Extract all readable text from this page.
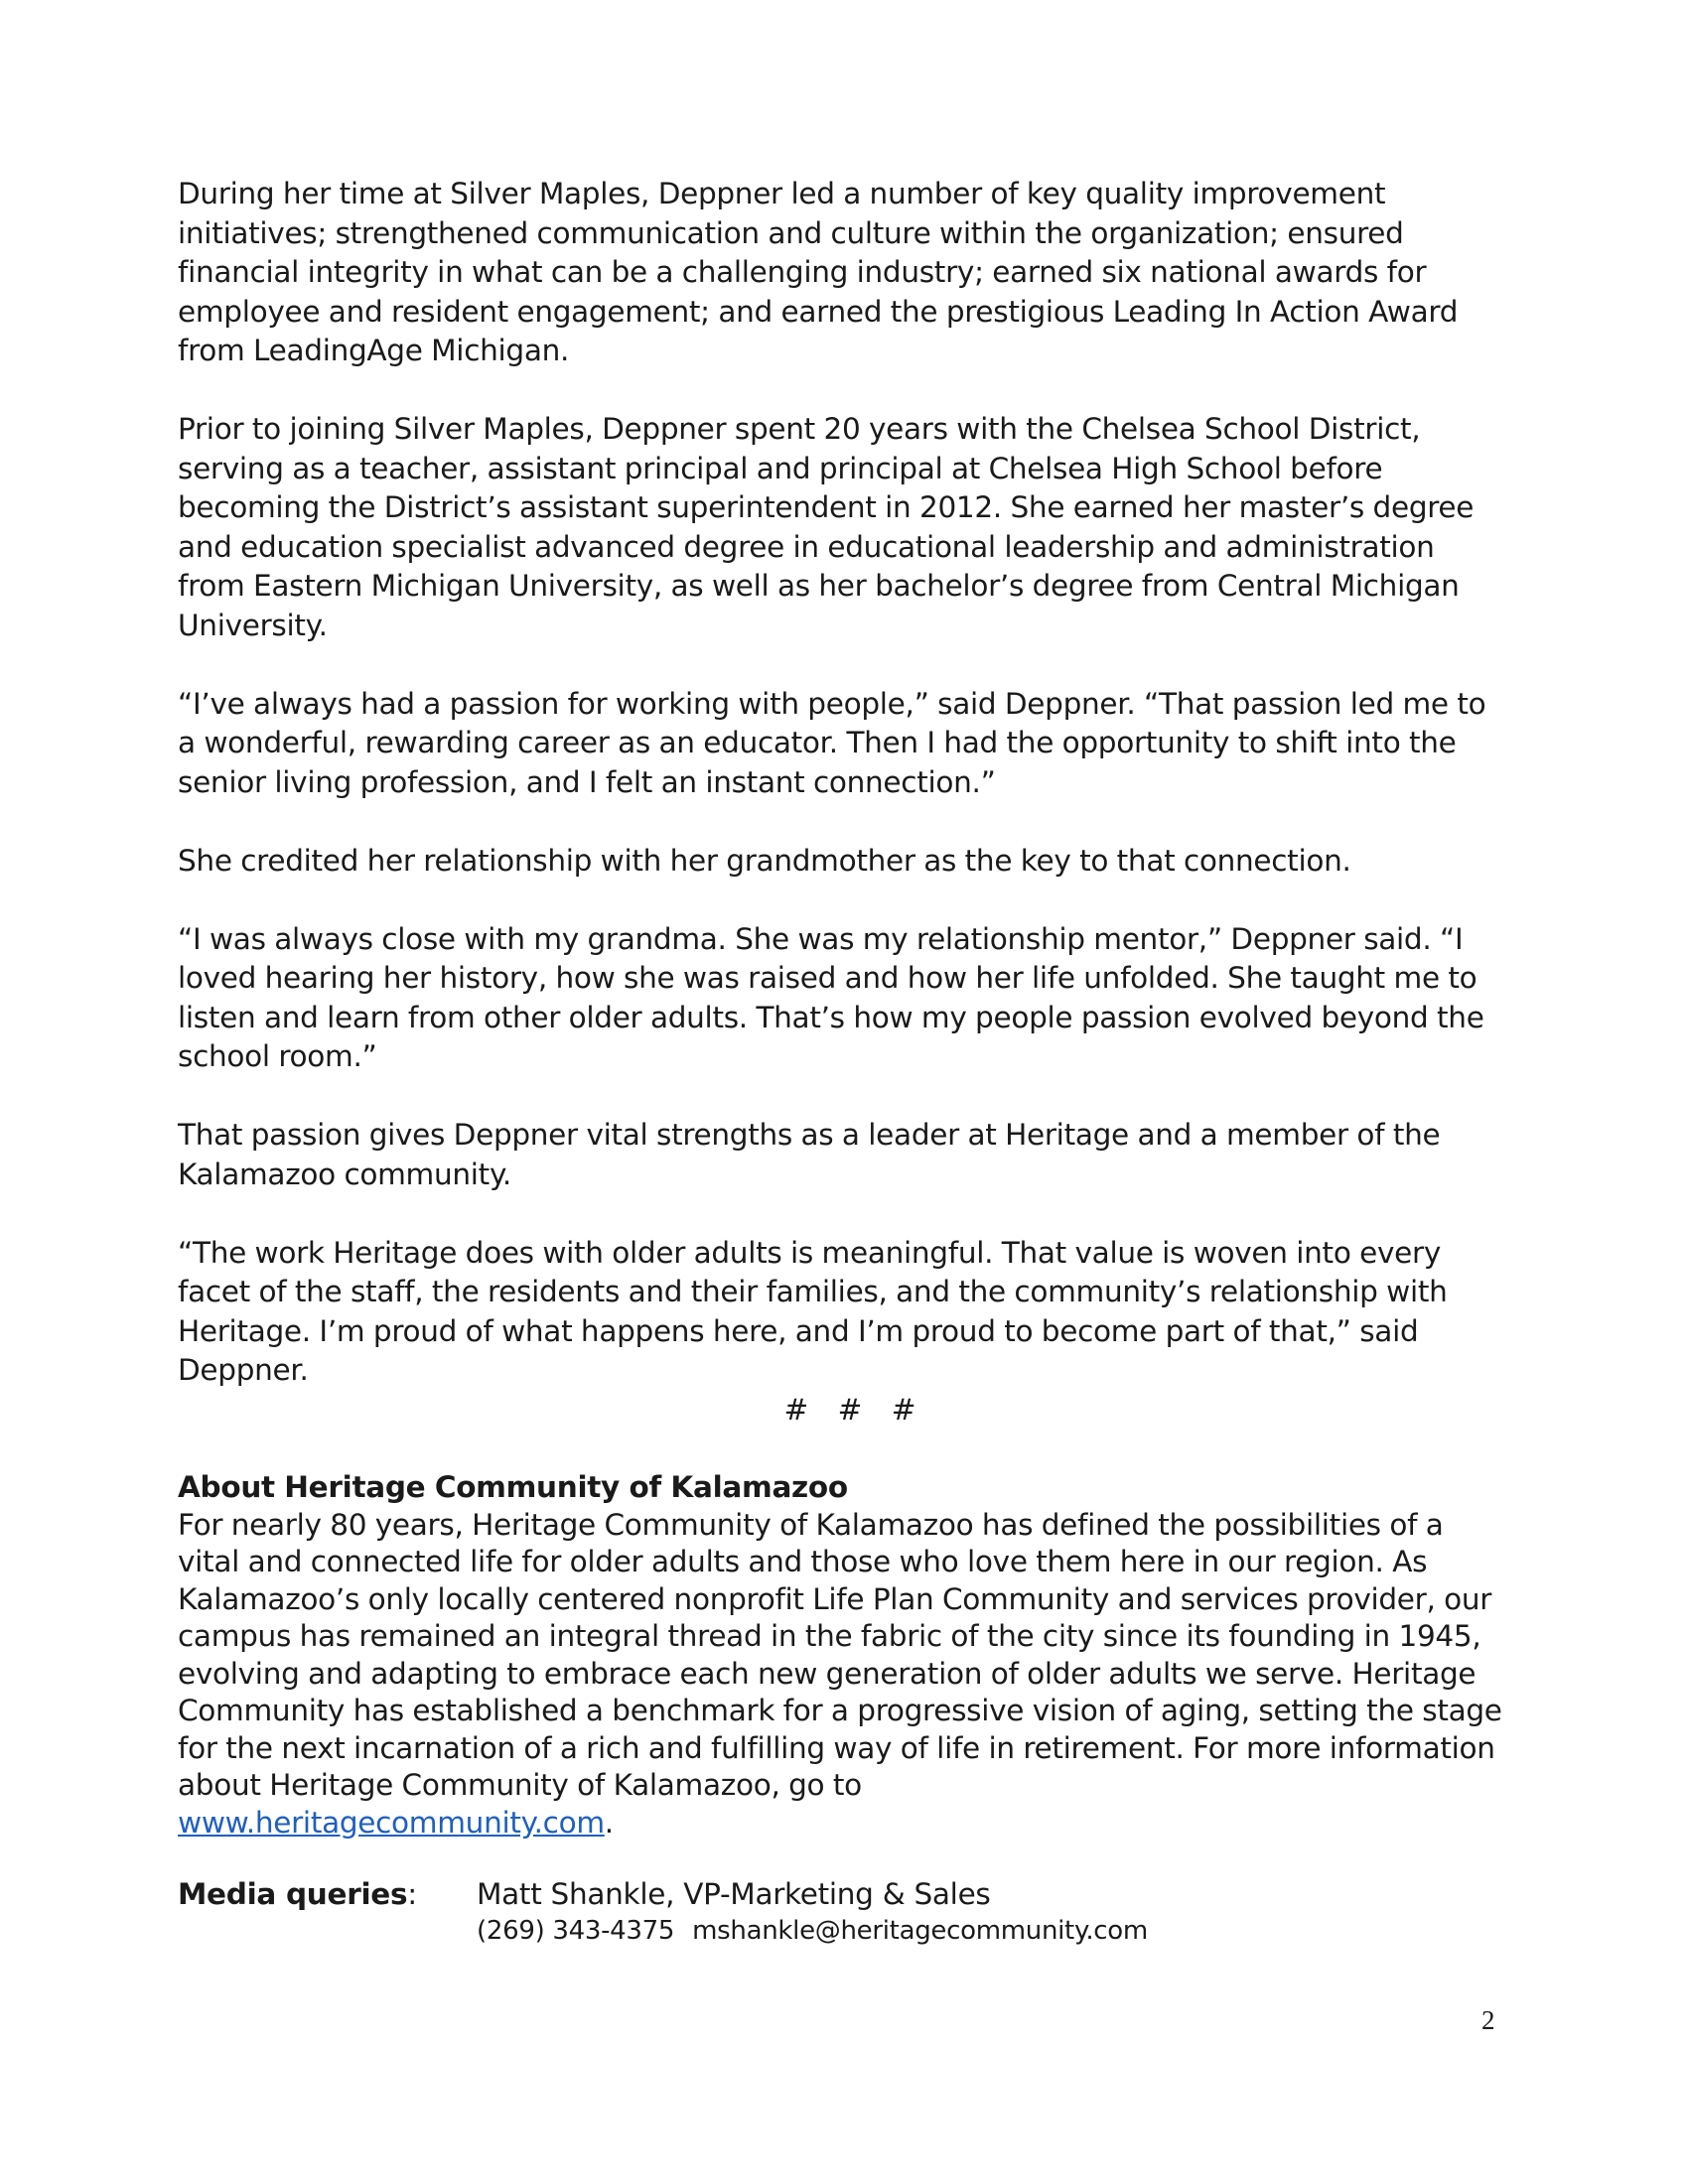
During her time at Silver Maples, Deppner led a number of key quality improvement initiatives; strengthened communication and culture within the organization; ensured financial integrity in what can be a challenging industry; earned six national awards for employee and resident engagement; and earned the prestigious Leading In Action Award from LeadingAge Michigan.

Prior to joining Silver Maples, Deppner spent 20 years with the Chelsea School District, serving as a teacher, assistant principal and principal at Chelsea High School before becoming the District’s assistant superintendent in 2012. She earned her master’s degree and education specialist advanced degree in educational leadership and administration from Eastern Michigan University, as well as her bachelor’s degree from Central Michigan University.

“I’ve always had a passion for working with people,” said Deppner. “That passion led me to a wonderful, rewarding career as an educator. Then I had the opportunity to shift into the senior living profession, and I felt an instant connection.”

She credited her relationship with her grandmother as the key to that connection.

“I was always close with my grandma. She was my relationship mentor,” Deppner said. “I loved hearing her history, how she was raised and how her life unfolded. She taught me to listen and learn from other older adults. That’s how my people passion evolved beyond the school room.”

That passion gives Deppner vital strengths as a leader at Heritage and a member of the Kalamazoo community.

“The work Heritage does with older adults is meaningful. That value is woven into every facet of the staff, the residents and their families, and the community’s relationship with Heritage. I’m proud of what happens here, and I’m proud to become part of that,” said Deppner.

# # #
About Heritage Community of Kalamazoo
For nearly 80 years, Heritage Community of Kalamazoo has defined the possibilities of a vital and connected life for older adults and those who love them here in our region. As Kalamazoo’s only locally centered nonprofit Life Plan Community and services provider, our campus has remained an integral thread in the fabric of the city since its founding in 1945, evolving and adapting to embrace each new generation of older adults we serve. Heritage Community has established a benchmark for a progressive vision of aging, setting the stage for the next incarnation of a rich and fulfilling way of life in retirement. For more information about Heritage Community of Kalamazoo, go to
www.heritagecommunity.com.
Media queries:	Matt Shankle, VP-Marketing & Sales
(269) 343-4375 mshankle@heritagecommunity.com
2
